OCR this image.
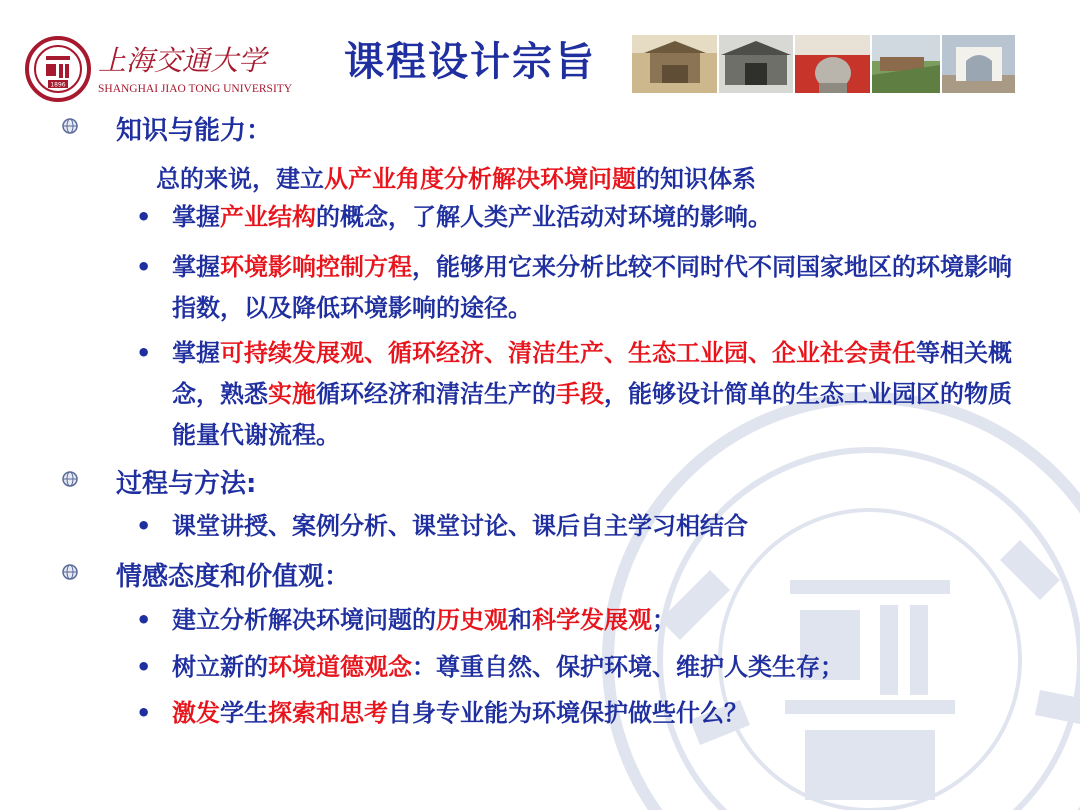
1896
上海交通大学
SHANGHAI JIAO TONG UNIVERSITY
课程设计宗旨
知识与能力：
总的来说，建立从产业角度分析解决环境问题的知识体系
• 掌握产业结构的概念，了解人类产业活动对环境的影响。
• 掌握环境影响控制方程，能够用它来分析比较不同时代不同国家地区的环境影响指数，以及降低环境影响的途径。
• 掌握可持续发展观、循环经济、清洁生产、生态工业园、企业社会责任等相关概念，熟悉实施循环经济和清洁生产的手段，能够设计简单的生态工业园区的物质能量代谢流程。
过程与方法:
• 课堂讲授、案例分析、课堂讨论、课后自主学习相结合
情感态度和价值观：
• 建立分析解决环境问题的历史观和科学发展观；
• 树立新的环境道德观念：尊重自然、保护环境、维护人类生存；
• 激发学生探索和思考自身专业能为环境保护做些什么？
